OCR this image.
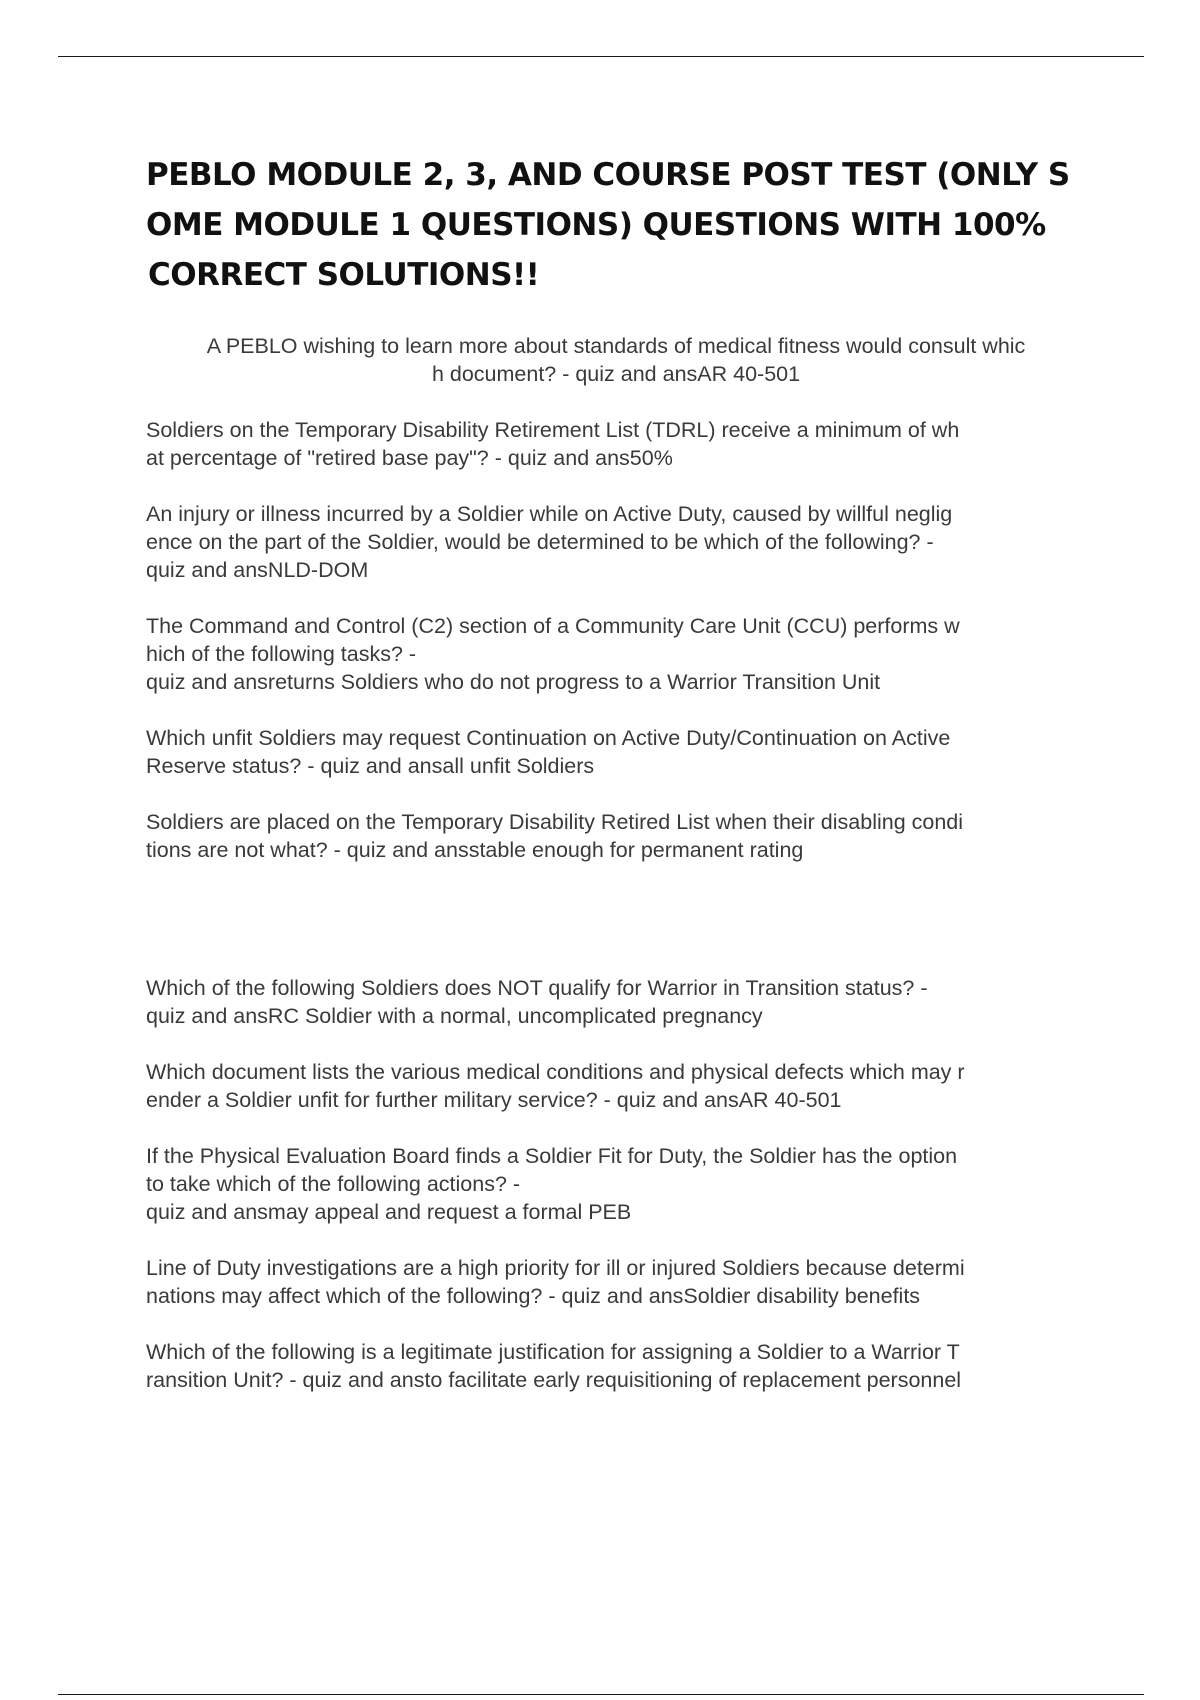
PEBLO MODULE 2, 3, AND COURSE POST TEST (ONLY S
OME MODULE 1 QUESTIONS) QUESTIONS WITH 100%
CORRECT SOLUTIONS!!

A PEBLO wishing to learn more about standards of medical fitness would consult whic
h document? - quiz and ansAR 40-501

Soldiers on the Temporary Disability Retirement List (TDRL) receive a minimum of wh
at percentage of "retired base pay"? - quiz and ans50%

An injury or illness incurred by a Soldier while on Active Duty, caused by willful neglig
ence on the part of the Soldier, would be determined to be which of the following? -
quiz and ansNLD-DOM

The Command and Control (C2) section of a Community Care Unit (CCU) performs w
hich of the following tasks? -
quiz and ansreturns Soldiers who do not progress to a Warrior Transition Unit

Which unfit Soldiers may request Continuation on Active Duty/Continuation on Active
Reserve status? - quiz and ansall unfit Soldiers

Soldiers are placed on the Temporary Disability Retired List when their disabling condi
tions are not what? - quiz and ansstable enough for permanent rating

Which of the following Soldiers does NOT qualify for Warrior in Transition status? -
quiz and ansRC Soldier with a normal, uncomplicated pregnancy

Which document lists the various medical conditions and physical defects which may r
ender a Soldier unfit for further military service? - quiz and ansAR 40-501

If the Physical Evaluation Board finds a Soldier Fit for Duty, the Soldier has the option
to take which of the following actions? -
quiz and ansmay appeal and request a formal PEB

Line of Duty investigations are a high priority for ill or injured Soldiers because determi
nations may affect which of the following? - quiz and ansSoldier disability benefits

Which of the following is a legitimate justification for assigning a Soldier to a Warrior T
ransition Unit? - quiz and ansto facilitate early requisitioning of replacement personnel
